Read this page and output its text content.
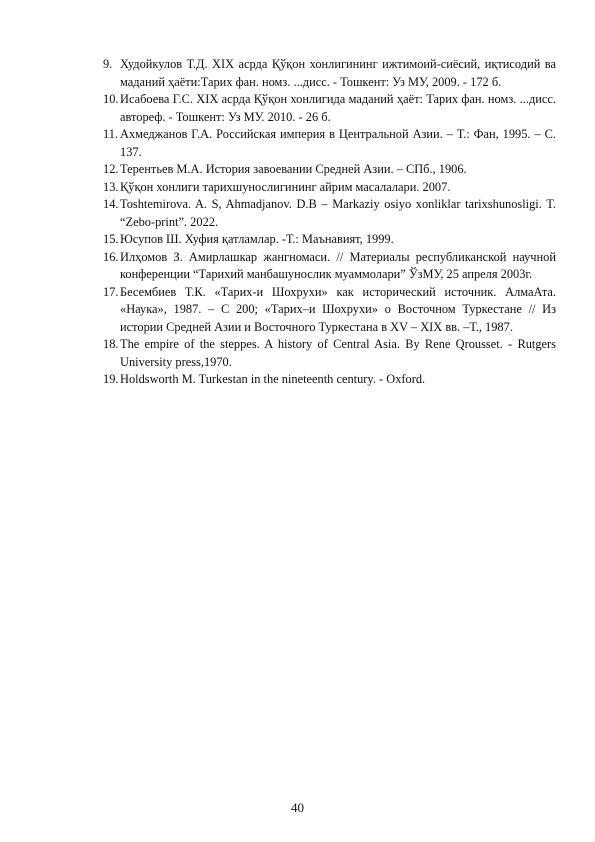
9. Худойкулов Т.Д. XIX асрда Қўқон хонлигининг ижтимоий-сиёсий, иқтисодий ва маданий ҳаёти:Тарих фан. номз. ...дисс. - Тошкент: Уз МУ, 2009. - 172 б.
10. Исабоева Г.С. XIX асрда Қўқон хонлигида маданий ҳаёт: Тарих фан. номз. ...дисс. автореф. - Тошкент: Уз МУ. 2010. - 26 б.
11. Ахмеджанов Г.А. Российская империя в Центральной Азии. – Т.: Фан, 1995. – С. 137.
12. Терентьев М.А. История завоевании Средней Азии. – СПб., 1906.
13. Қўқон хонлиги тарихшунослигининг айрим масалалари. 2007.
14. Toshtemirova. A. S, Ahmadjanov. D.B – Markaziy osiyo xonliklar tarixshunosligi. T. “Zebo-print”. 2022.
15. Юсупов Ш. Хуфия қатламлар. -Т.: Маънавият, 1999.
16. Илҳомов З. Амирлашкар жангномаси. // Материалы республиканской научной конференции “Тарихий манбашунослик муаммолари” ЎзМУ, 25 апреля 2003г.
17. Бесембиев Т.К. «Тарих-и Шохрухи» как исторический источник. АлмаАта. «Наука», 1987. – С 200; «Тарих–и Шохрухи» о Восточном Туркестане // Из истории Средней Азии и Восточного Туркестана в XV – XIX вв. –Т., 1987.
18. The empire of the steppes. A history of Central Asia. By Rene Qrousset. - Rutgers University press,1970.
19. Holdsworth M. Turkestan in the nineteenth century. - Oxford.
40
